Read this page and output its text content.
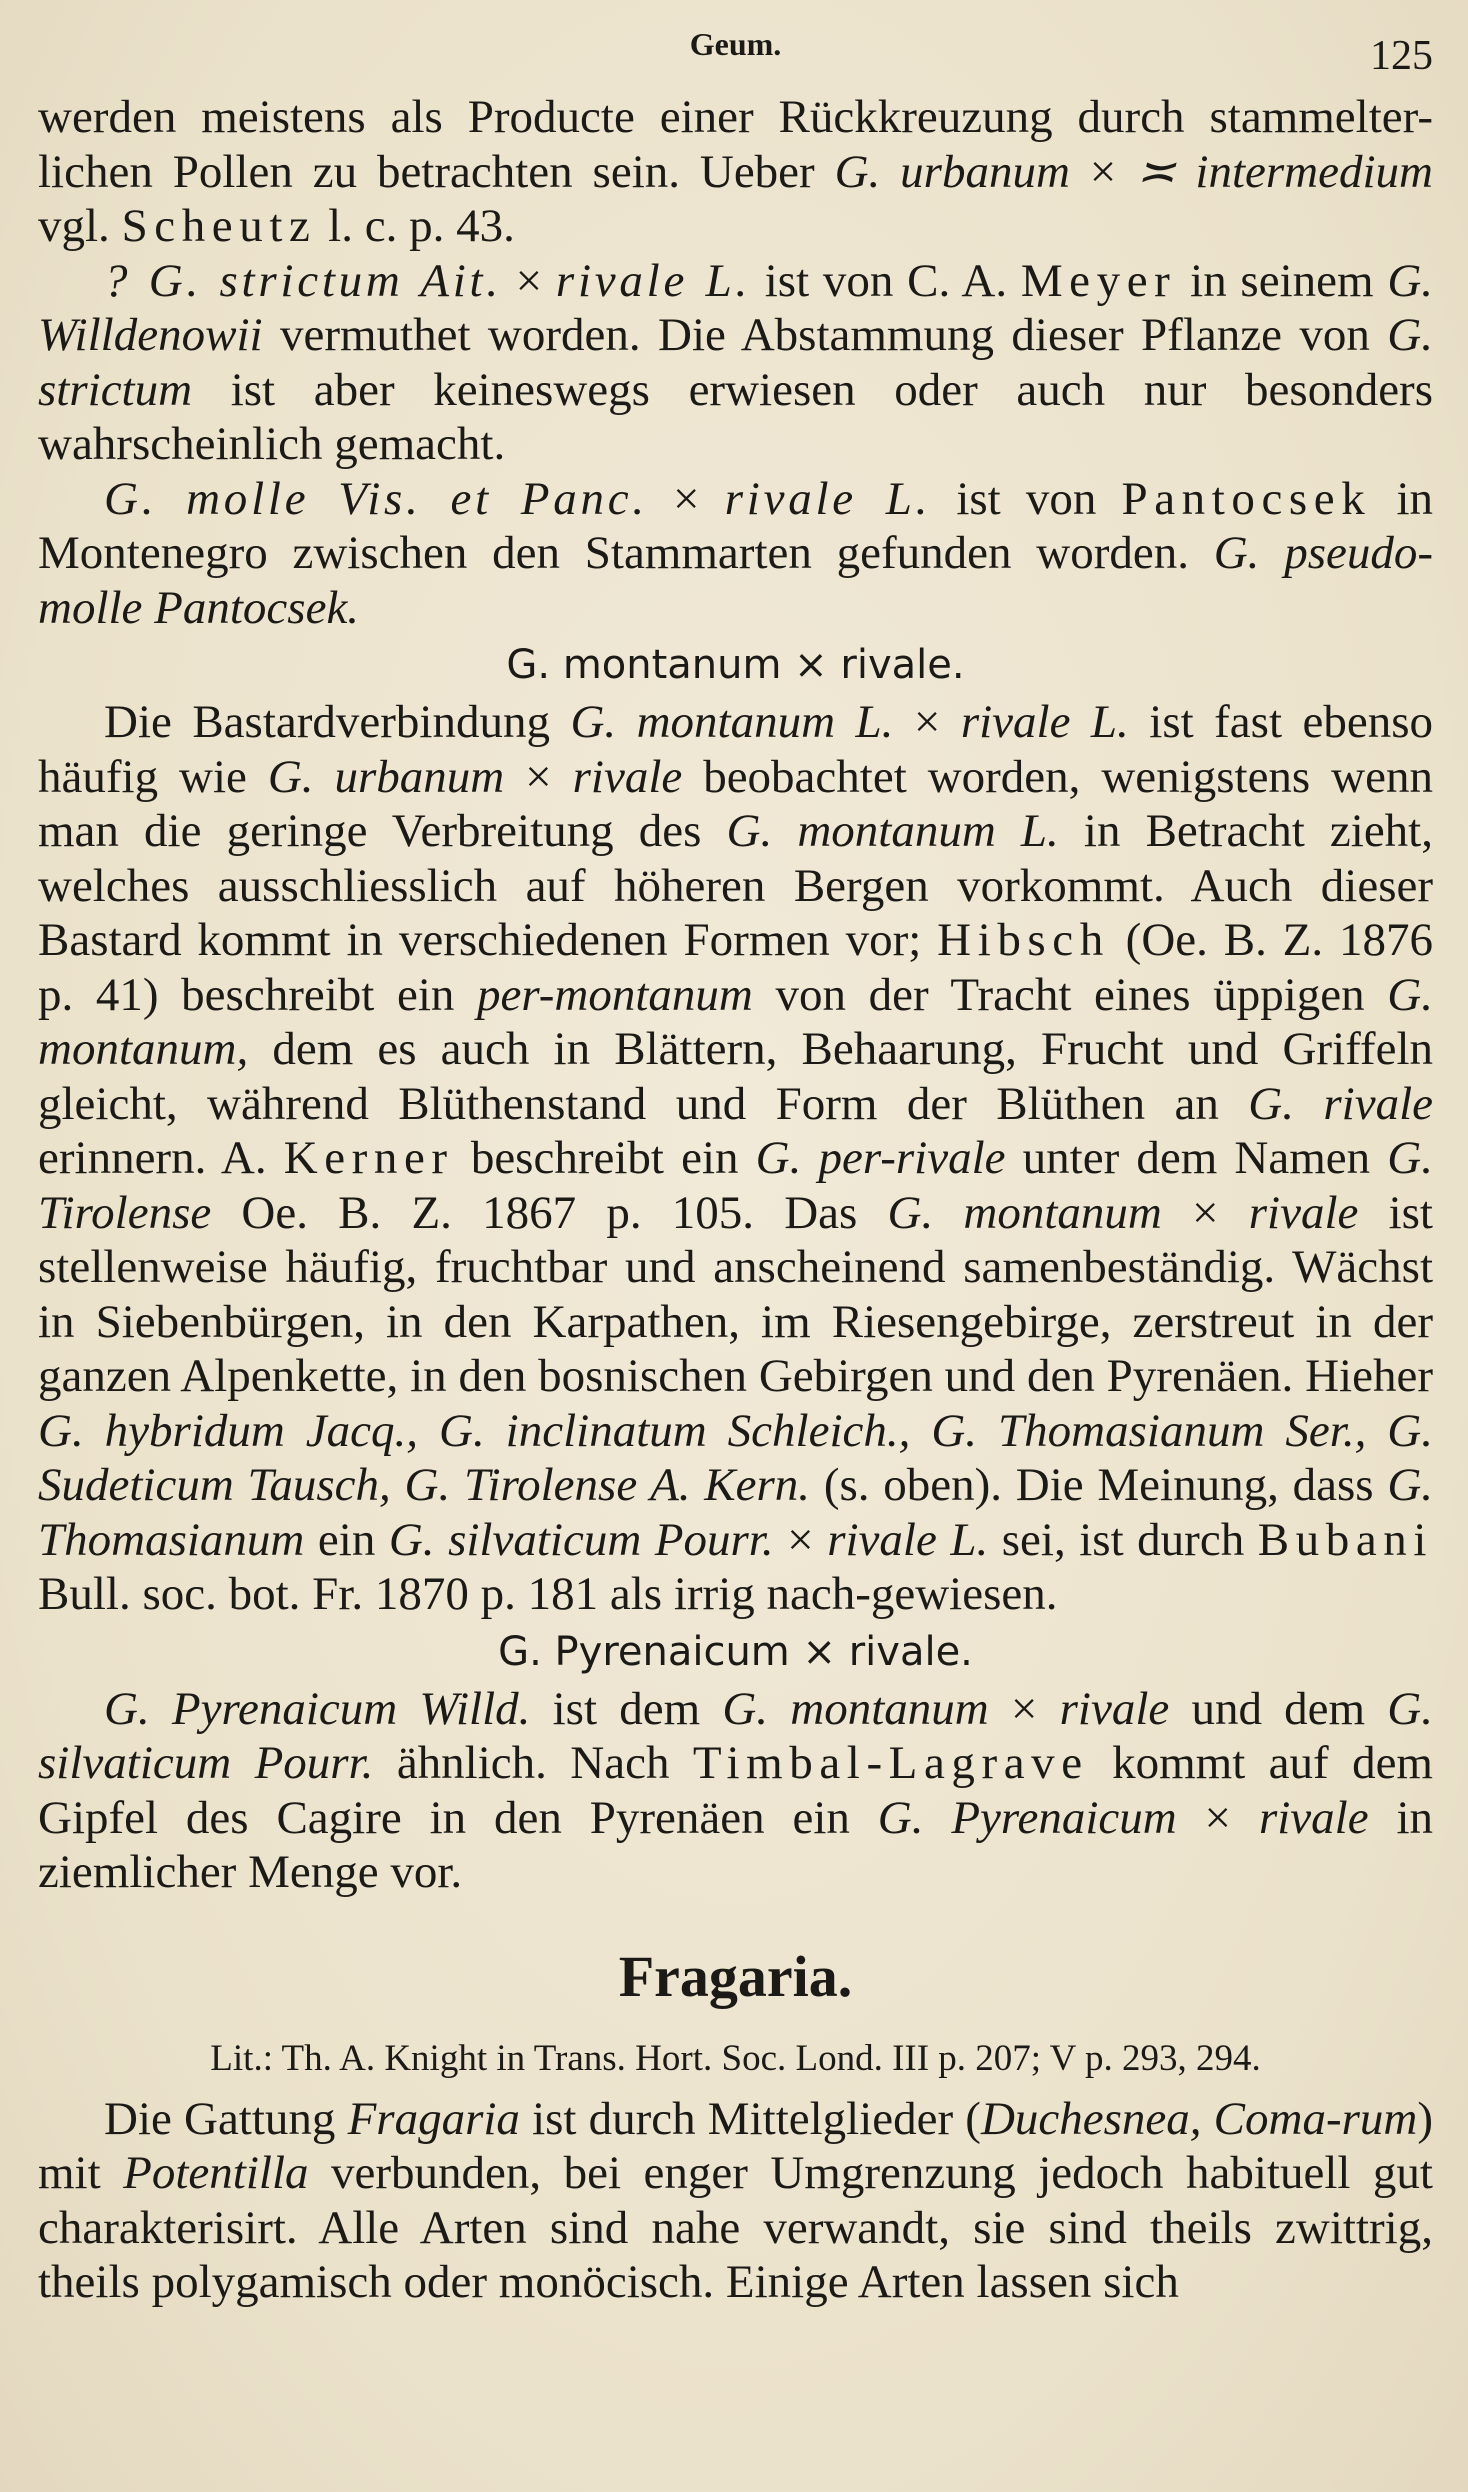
Geum.	125

werden meistens als Producte einer Rückkreuzung durch stammelter-lichen Pollen zu betrachten sein. Ueber G. urbanum × ≍ intermedium vgl. Scheutz l. c. p. 43.

? G. strictum Ait. × rivale L. ist von C. A. Meyer in seinem G. Willdenowii vermuthet worden. Die Abstammung dieser Pflanze von G. strictum ist aber keineswegs erwiesen oder auch nur besonders wahrscheinlich gemacht.

G. molle Vis. et Panc. × rivale L. ist von Pantocsek in Montenegro zwischen den Stammarten gefunden worden. G. pseudo-molle Pantocsek.

G. montanum × rivale.

Die Bastardverbindung G. montanum L. × rivale L. ist fast ebenso häufig wie G. urbanum × rivale beobachtet worden, wenigstens wenn man die geringe Verbreitung des G. montanum L. in Betracht zieht, welches ausschliesslich auf höheren Bergen vorkommt. Auch dieser Bastard kommt in verschiedenen Formen vor; Hibsch (Oe. B. Z. 1876 p. 41) beschreibt ein per-montanum von der Tracht eines üppigen G. montanum, dem es auch in Blättern, Behaarung, Frucht und Griffeln gleicht, während Blüthenstand und Form der Blüthen an G. rivale erinnern. A. Kerner beschreibt ein G. per-rivale unter dem Namen G. Tirolense Oe. B. Z. 1867 p. 105. Das G. montanum × rivale ist stellenweise häufig, fruchtbar und anscheinend samenbeständig. Wächst in Siebenbürgen, in den Karpathen, im Riesengebirge, zerstreut in der ganzen Alpenkette, in den bosnischen Gebirgen und den Pyrenäen. Hieher G. hybridum Jacq., G. inclinatum Schleich., G. Thomasianum Ser., G. Sudeticum Tausch, G. Tirolense A. Kern. (s. oben). Die Meinung, dass G. Thomasianum ein G. silvaticum Pourr. × rivale L. sei, ist durch Bubani Bull. soc. bot. Fr. 1870 p. 181 als irrig nach-gewiesen.

G. Pyrenaicum × rivale.

G. Pyrenaicum Willd. ist dem G. montanum × rivale und dem G. silvaticum Pourr. ähnlich. Nach Timbal-Lagrave kommt auf dem Gipfel des Cagire in den Pyrenäen ein G. Pyrenaicum × rivale in ziemlicher Menge vor.

Fragaria.

Lit.: Th. A. Knight in Trans. Hort. Soc. Lond. III p. 207; V p. 293, 294.

Die Gattung Fragaria ist durch Mittelglieder (Duchesnea, Coma-rum) mit Potentilla verbunden, bei enger Umgrenzung jedoch habituell gut charakterisirt. Alle Arten sind nahe verwandt, sie sind theils zwittrig, theils polygamisch oder monöcisch. Einige Arten lassen sich
